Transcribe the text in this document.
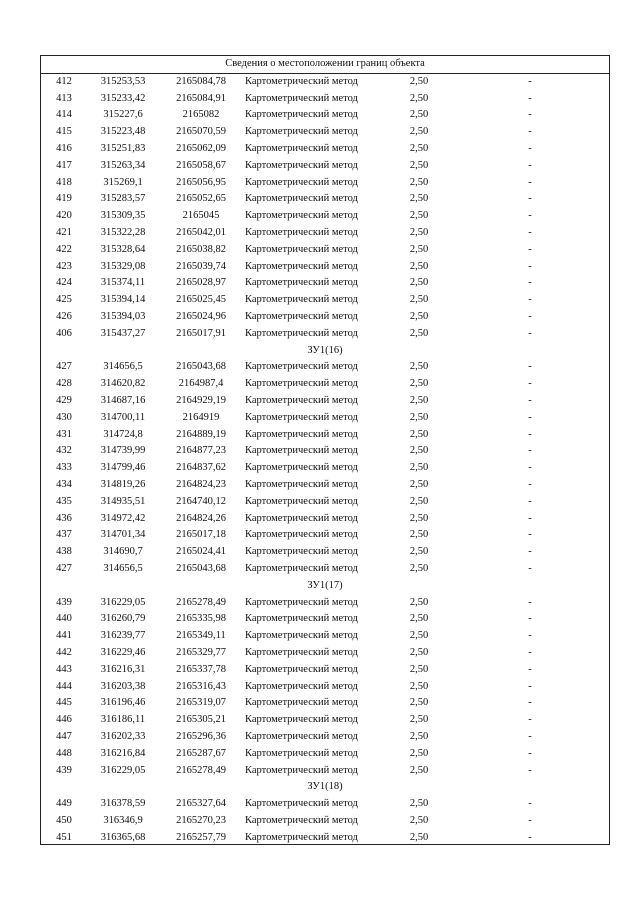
Сведения о местоположении границ объекта
412	315253,53	2165084,78	Картометрический метод	2,50	-
413	315233,42	2165084,91	Картометрический метод	2,50	-
414	315227,6	2165082	Картометрический метод	2,50	-
415	315223,48	2165070,59	Картометрический метод	2,50	-
416	315251,83	2165062,09	Картометрический метод	2,50	-
417	315263,34	2165058,67	Картометрический метод	2,50	-
418	315269,1	2165056,95	Картометрический метод	2,50	-
419	315283,57	2165052,65	Картометрический метод	2,50	-
420	315309,35	2165045	Картометрический метод	2,50	-
421	315322,28	2165042,01	Картометрический метод	2,50	-
422	315328,64	2165038,82	Картометрический метод	2,50	-
423	315329,08	2165039,74	Картометрический метод	2,50	-
424	315374,11	2165028,97	Картометрический метод	2,50	-
425	315394,14	2165025,45	Картометрический метод	2,50	-
426	315394,03	2165024,96	Картометрический метод	2,50	-
406	315437,27	2165017,91	Картометрический метод	2,50	-
ЗУ1(16)
427	314656,5	2165043,68	Картометрический метод	2,50	-
428	314620,82	2164987,4	Картометрический метод	2,50	-
429	314687,16	2164929,19	Картометрический метод	2,50	-
430	314700,11	2164919	Картометрический метод	2,50	-
431	314724,8	2164889,19	Картометрический метод	2,50	-
432	314739,99	2164877,23	Картометрический метод	2,50	-
433	314799,46	2164837,62	Картометрический метод	2,50	-
434	314819,26	2164824,23	Картометрический метод	2,50	-
435	314935,51	2164740,12	Картометрический метод	2,50	-
436	314972,42	2164824,26	Картометрический метод	2,50	-
437	314701,34	2165017,18	Картометрический метод	2,50	-
438	314690,7	2165024,41	Картометрический метод	2,50	-
427	314656,5	2165043,68	Картометрический метод	2,50	-
ЗУ1(17)
439	316229,05	2165278,49	Картометрический метод	2,50	-
440	316260,79	2165335,98	Картометрический метод	2,50	-
441	316239,77	2165349,11	Картометрический метод	2,50	-
442	316229,46	2165329,77	Картометрический метод	2,50	-
443	316216,31	2165337,78	Картометрический метод	2,50	-
444	316203,38	2165316,43	Картометрический метод	2,50	-
445	316196,46	2165319,07	Картометрический метод	2,50	-
446	316186,11	2165305,21	Картометрический метод	2,50	-
447	316202,33	2165296,36	Картометрический метод	2,50	-
448	316216,84	2165287,67	Картометрический метод	2,50	-
439	316229,05	2165278,49	Картометрический метод	2,50	-
ЗУ1(18)
449	316378,59	2165327,64	Картометрический метод	2,50	-
450	316346,9	2165270,23	Картометрический метод	2,50	-
451	316365,68	2165257,79	Картометрический метод	2,50	-
